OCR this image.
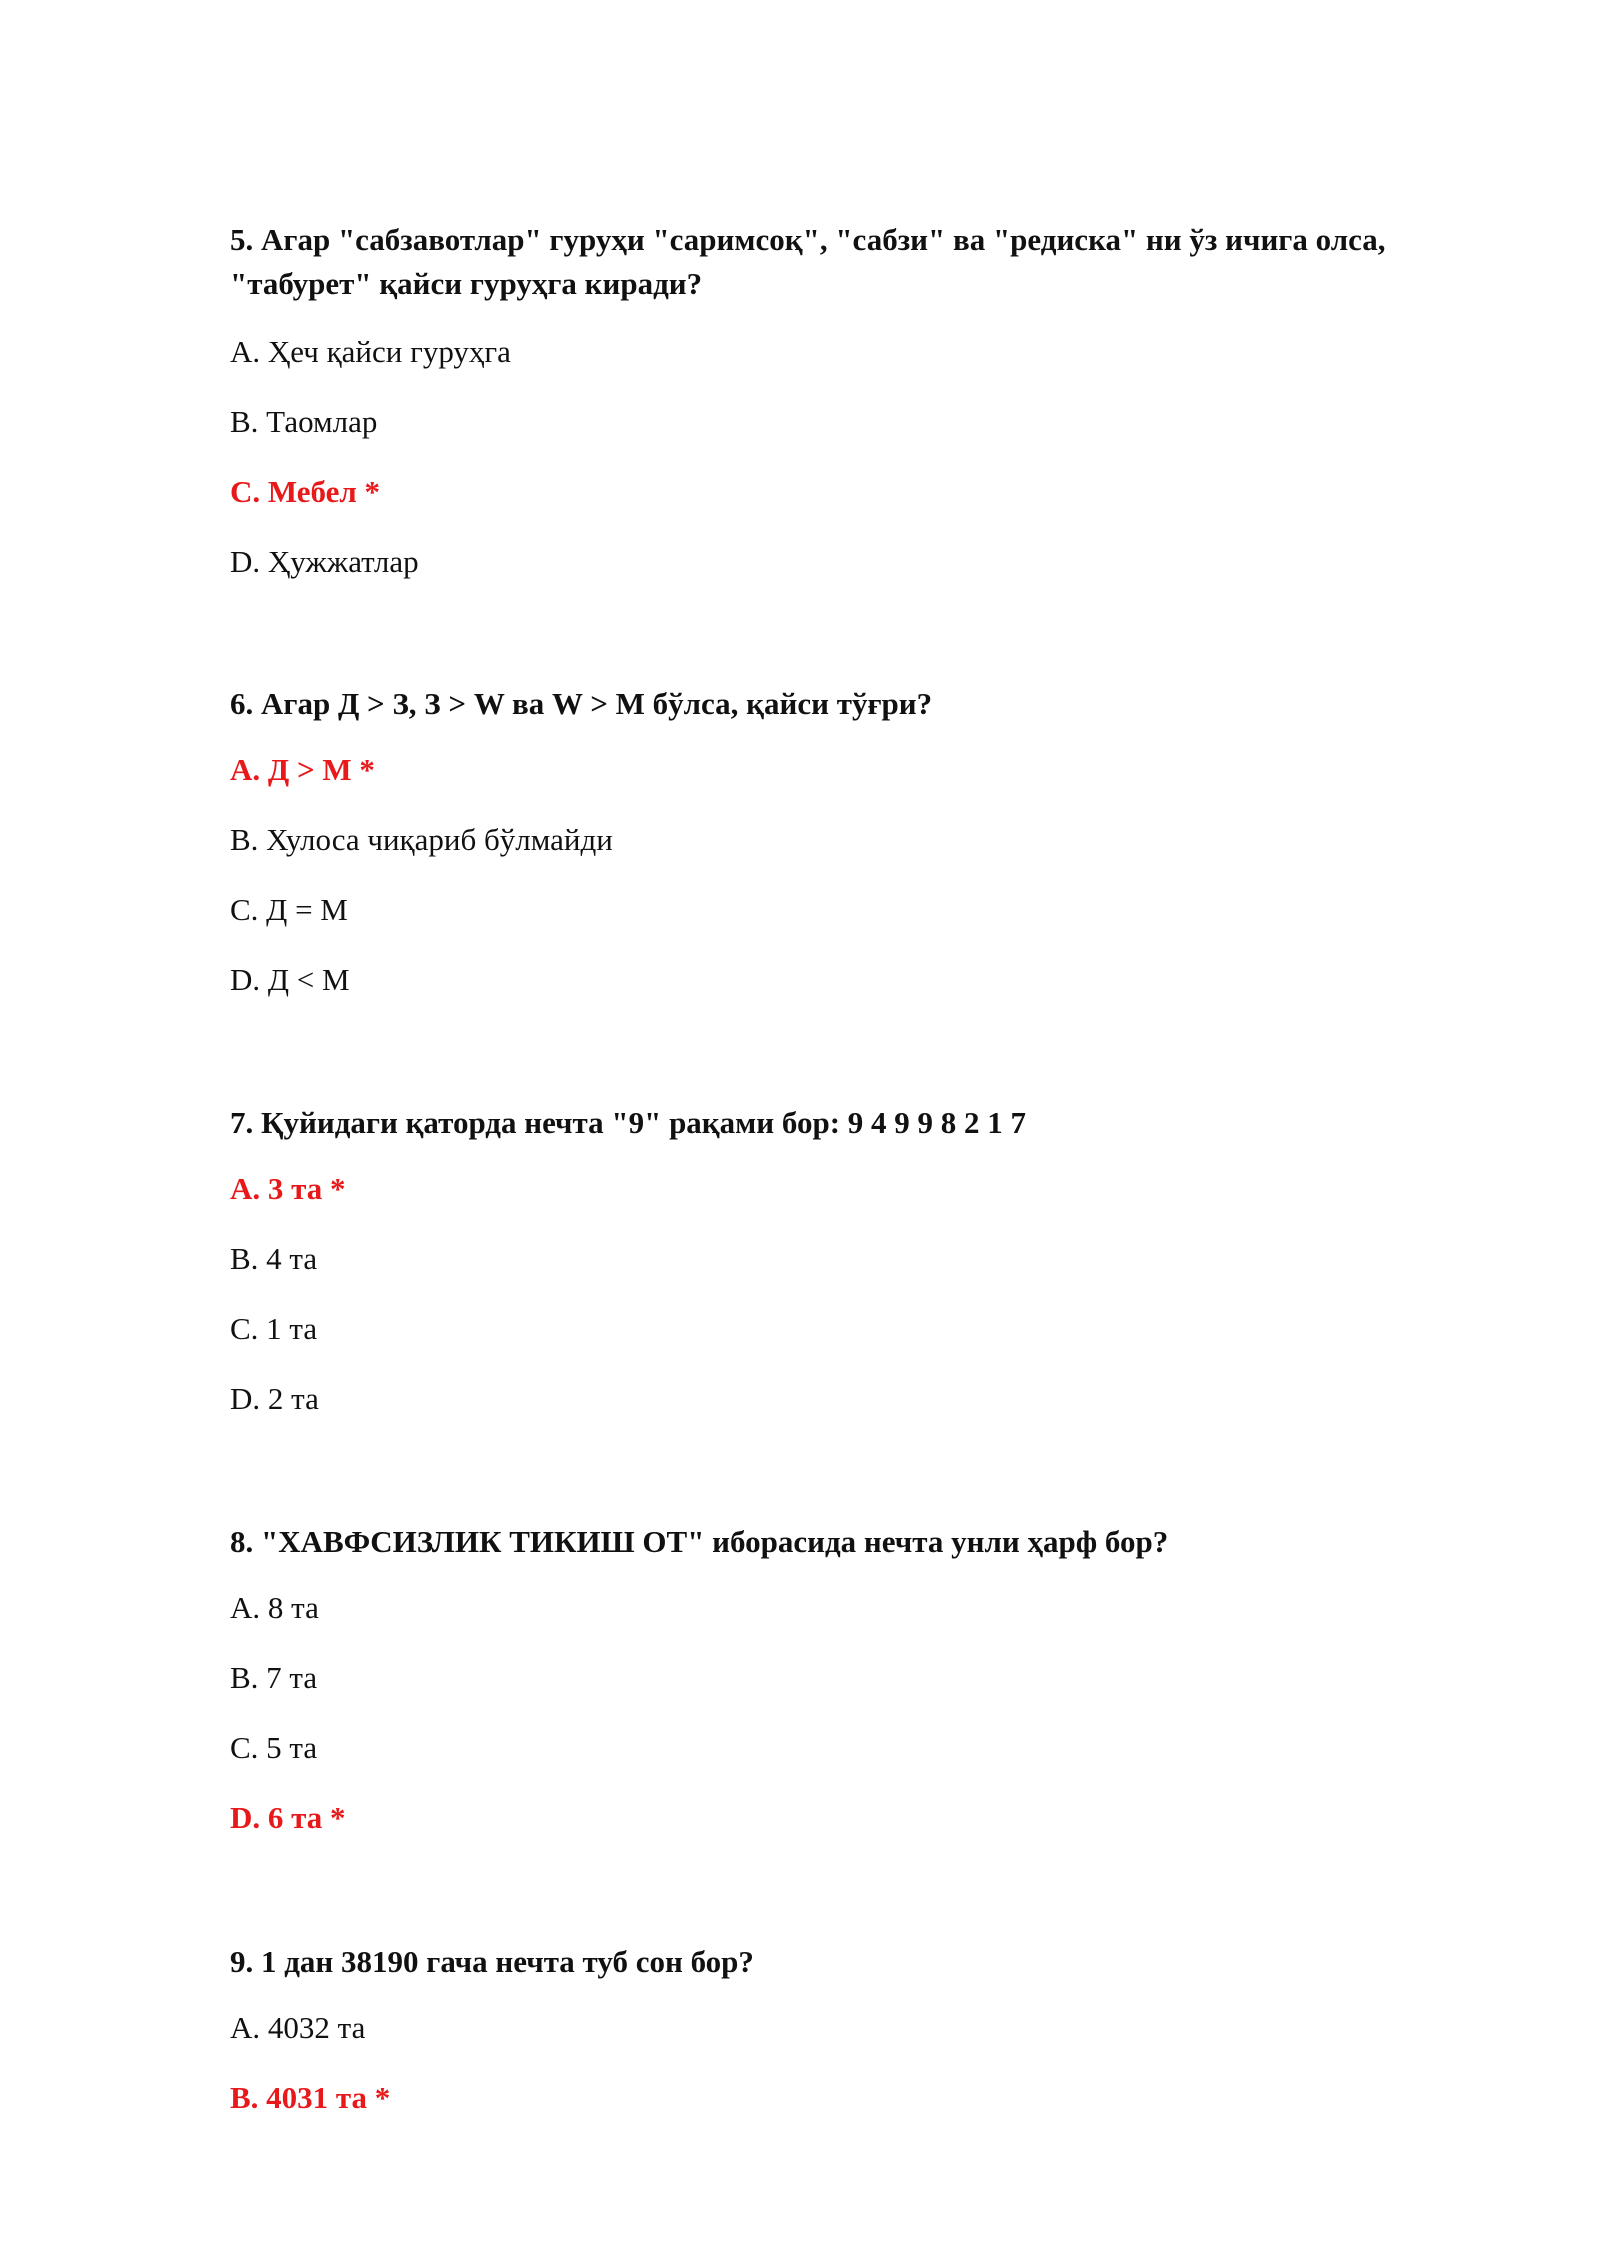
5. Агар "сабзавотлар" гуруҳи "саримсоқ", "сабзи" ва "редиска" ни ўз ичига олса, "табурет" қайси гуруҳга киради?

A. Ҳеч қайси гуруҳга

B. Таомлар

C. Мебел *

D. Ҳужжатлар

6. Агар Д > З, З > W ва W > М бўлса, қайси тўғри?

A. Д > М *

B. Хулоса чиқариб бўлмайди

C. Д = М

D. Д < М

7. Қуйидаги қаторда нечта "9" рақами бор: 9 4 9 9 8 2 1 7

A. 3 та *

B. 4 та

C. 1 та

D. 2 та

8. "ХАВФСИЗЛИК ТИКИШ ОТ" иборасида нечта унли ҳарф бор?

A. 8 та

B. 7 та

C. 5 та

D. 6 та *

9. 1 дан 38190 гача нечта туб сон бор?

A. 4032 та

B. 4031 та *
